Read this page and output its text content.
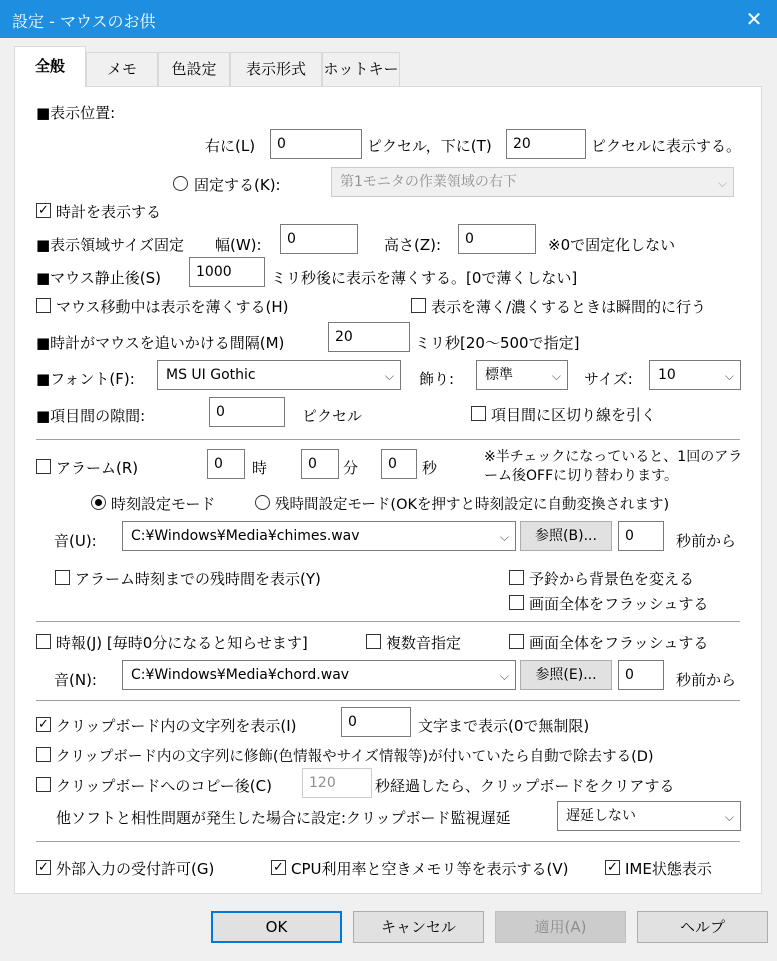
設定 - マウスのお供	✕
全般	メモ	色設定	表示形式	ホットキー
■表示位置:
右に(L)	0	ピクセル，下に(T)	20	ピクセルに表示する。
固定する(K):	第1モニタの作業領域の右下	⌵
✓ 時計を表示する
■表示領域サイズ固定 幅(W):	0	高さ(Z):	0	※0で固定化しない
■マウス静止後(S)	1000	ミリ秒後に表示を薄くする。[0で薄くしない]
マウス移動中は表示を薄くする(H)	表示を薄く/濃くするときは瞬間的に行う
■時計がマウスを追いかける間隔(M)	20	ミリ秒[20～500で指定]
■フォント(F):	MS UI Gothic	⌵ 飾り:	標準	⌵ サイズ:	10	⌵
■項目間の隙間:	0	ピクセル	項目間に区切り線を引く
アラーム(R)	0	時	0	分	0	秒
※半チェックになっていると、1回のアラ
ーム後OFFに切り替わります。
時刻設定モード	残時間設定モード(OKを押すと時刻設定に自動変換されます)
音(U):	C:¥Windows¥Media¥chimes.wav	⌵	参照(B)...	0	秒前から
アラーム時刻までの残時間を表示(Y)	予鈴から背景色を変える
画面全体をフラッシュする
時報(J) [毎時0分になると知らせます]	複数音指定	画面全体をフラッシュする
音(N):	C:¥Windows¥Media¥chord.wav	⌵	参照(E)...	0	秒前から
✓ クリップボード内の文字列を表示(I)	0	文字まで表示(0で無制限)
クリップボード内の文字列に修飾(色情報やサイズ情報等)が付いていたら自動で除去する(D)
クリップボードへのコピー後(C)	120	秒経過したら、クリップボードをクリアする
他ソフトと相性問題が発生した場合に設定:クリップボード監視遅延	遅延しない	⌵
✓ 外部入力の受付許可(G)	✓ CPU利用率と空きメモリ等を表示する(V)	✓ IME状態表示
OK	キャンセル	適用(A)	ヘルプ
